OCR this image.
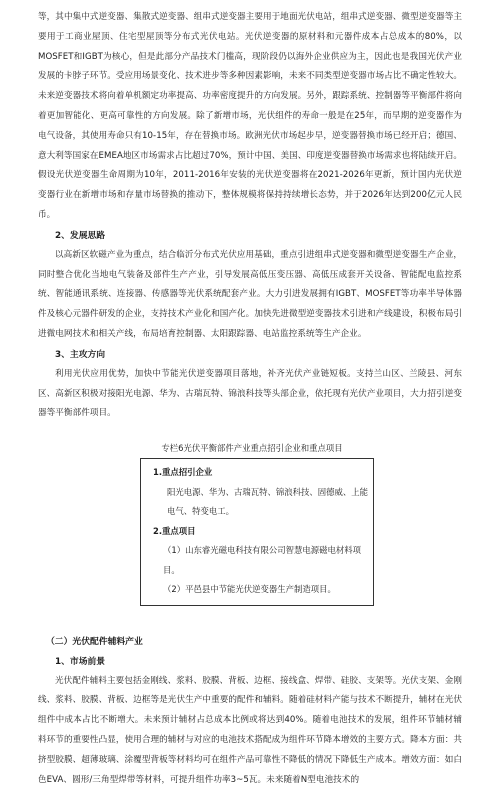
等，其中集中式逆变器、集散式逆变器、组串式逆变器主要用于地面光伏电站，组串式逆变器、微型逆变器等主要用于工商业屋顶、住宅型屋顶等分布式光伏电站。光伏逆变器的原材料和元器件成本占总成本的80%，以MOSFET和IGBT为核心，但是此部分产品技术门槛高，现阶段仍以海外企业供应为主，因此也是我国光伏产业发展的卡脖子环节。受应用场景变化、技术进步等多种因素影响，未来不同类型逆变器市场占比不确定性较大。未来逆变器技术将向着单机额定功率提高、功率密度提升的方向发展。另外，跟踪系统、控制器等平衡部件将向着更加智能化、更高可靠性的方向发展。除了新增市场，光伏组件的寿命一般是在25年，而早期的逆变器作为电气设备，其使用寿命只有10-15年，存在替换市场。欧洲光伏市场起步早，逆变器替换市场已经开启；德国、意大利等国家在EMEA地区市场需求占比超过70%，预计中国、美国、印度逆变器替换市场需求也将陆续开启。假设光伏逆变器生命周期为10年，2011-2016年安装的光伏逆变器将在2021-2026年更新，预计国内光伏逆变器行业在新增市场和存量市场替换的推动下，整体规模将保持持续增长态势，并于2026年达到200亿元人民币。

2、发展思路

以高新区软磁产业为重点，结合临沂分布式光伏应用基础，重点引进组串式逆变器和微型逆变器生产企业，同时整合优化当地电气装备及部件生产产业，引导发展高低压变压器、高低压成套开关设备、智能配电监控系统、智能通讯系统、连接器、传感器等光伏系统配套产业。大力引进发展拥有IGBT、MOSFET等功率半导体器件及核心元器件研发的企业，支持技术产业化和国产化。加快先进微型逆变器技术引进和产线建设，积极布局引进微电网技术和相关产线，布局培育控制器、太阳跟踪器、电站监控系统等生产企业。

3、主攻方向

利用光伏应用优势，加快中节能光伏逆变器项目落地，补齐光伏产业链短板。支持兰山区、兰陵县、河东区、高新区积极对接阳光电源、华为、古瑞瓦特、锦浪科技等头部企业，依托现有光伏产业项目，大力招引逆变器等平衡部件项目。

专栏6光伏平衡部件产业重点招引企业和重点项目

1.重点招引企业

阳光电源、华为、古瑞瓦特、锦浪科技、固德威、上能电气、特变电工。

2.重点项目

（1）山东睿光磁电科技有限公司智慧电源磁电材料项目。

（2）平邑县中节能光伏逆变器生产制造项目。

（二）光伏配件辅料产业

1、市场前景

光伏配件辅料主要包括金刚线、浆料、胶膜、背板、边框、接线盒、焊带、硅胶、支架等。光伏支架、金刚线、浆料、胶膜、背板、边框等是光伏生产中重要的配件和辅料。随着硅材料产能与技术不断提升，辅材在光伏组件中成本占比不断增大。未来预计辅材占总成本比例或将达到40%。随着电池技术的发展，组件环节辅材辅料环节的重要性凸显，使用合理的辅材与对应的电池技术搭配成为组件环节降本增效的主要方式。降本方面：共挤型胶膜、超薄玻璃、涂覆型背板等材料均可在组件产品可靠性不降低的情况下降低生产成本。增效方面：如白色EVA、圆形/三角型焊带等材料，可提升组件功率3~5瓦。未来随着N型电池技术的
